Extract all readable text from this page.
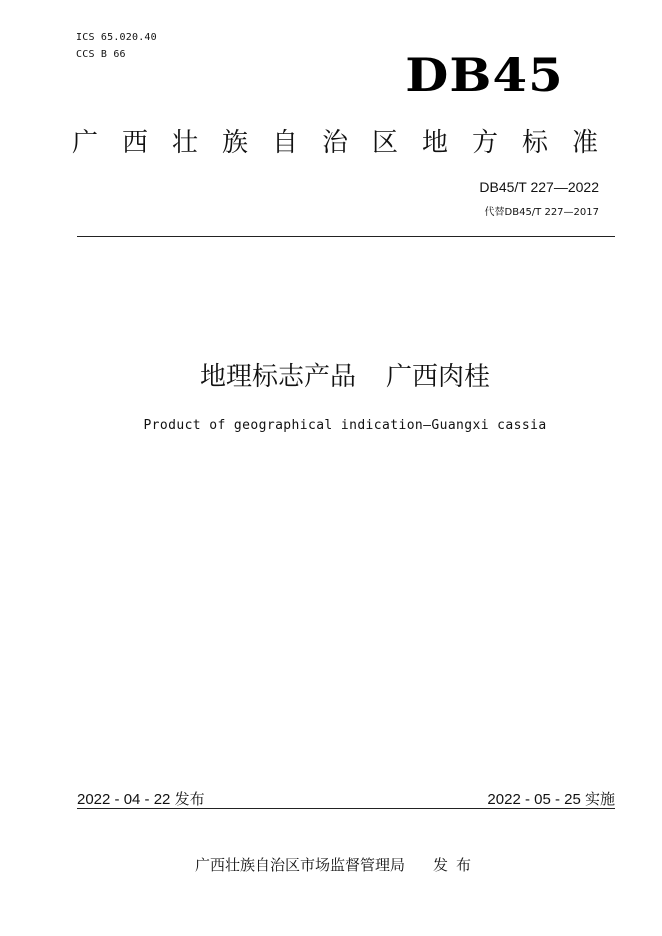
ICS 65.020.40
CCS B 66	DB45
广西壮族自治区地方标准
DB45/T 227—2022
代替DB45/T 227—2017
地理标志产品 广西肉桂
Product of geographical indication—Guangxi cassia
2022 - 04 - 22 发布	2022 - 05 - 25 实施
广西壮族自治区市场监督管理局 发布
